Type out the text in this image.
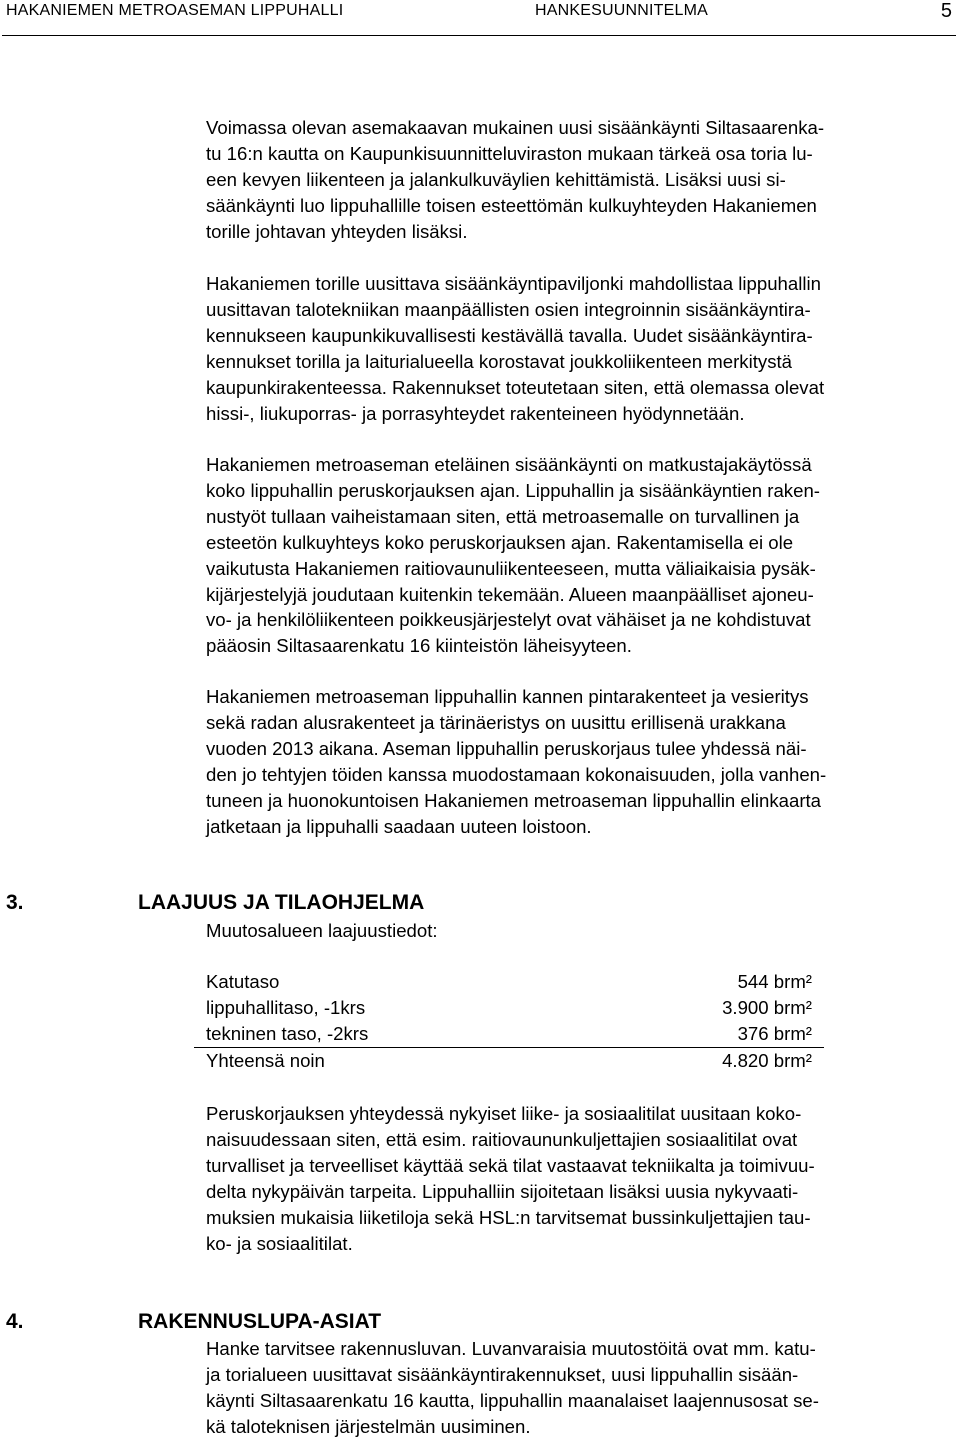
HAKANIEMEN METROASEMAN LIPPUHALLI	HANKESUUNNITELMA	5

Voimassa olevan asemakaavan mukainen uusi sisäänkäynti Siltasaarenka-
tu 16:n kautta on Kaupunkisuunnitteluviraston mukaan tärkeä osa toria lu-
een kevyen liikenteen ja jalankulkuväylien kehittämistä. Lisäksi uusi si-
säänkäynti luo lippuhallille toisen esteettömän kulkuyhteyden Hakaniemen
torille johtavan yhteyden lisäksi.

Hakaniemen torille uusittava sisäänkäyntipaviljonki mahdollistaa lippuhallin
uusittavan talotekniikan maanpäällisten osien integroinnin sisäänkäyntira-
kennukseen kaupunkikuvallisesti kestävällä tavalla. Uudet sisäänkäyntira-
kennukset torilla ja laiturialueella korostavat joukkoliikenteen merkitystä
kaupunkirakenteessa. Rakennukset toteutetaan siten, että olemassa olevat
hissi-, liukuporras- ja porrasyhteydet rakenteineen hyödynnetään.

Hakaniemen metroaseman eteläinen sisäänkäynti on matkustajakäytössä
koko lippuhallin peruskorjauksen ajan. Lippuhallin ja sisäänkäyntien raken-
nustyöt tullaan vaiheistamaan siten, että metroasemalle on turvallinen ja
esteetön kulkuyhteys koko peruskorjauksen ajan. Rakentamisella ei ole
vaikutusta Hakaniemen raitiovaunuliikenteeseen, mutta väliaikaisia pysäk-
kijärjestelyjä joudutaan kuitenkin tekemään. Alueen maanpäälliset ajoneu-
vo- ja henkilöliikenteen poikkeusjärjestelyt ovat vähäiset ja ne kohdistuvat
pääosin Siltasaarenkatu 16 kiinteistön läheisyyteen.

Hakaniemen metroaseman lippuhallin kannen pintarakenteet ja vesieritys
sekä radan alusrakenteet ja tärinäeristys on uusittu erillisenä urakkana
vuoden 2013 aikana. Aseman lippuhallin peruskorjaus tulee yhdessä näi-
den jo tehtyjen töiden kanssa muodostamaan kokonaisuuden, jolla vanhen-
tuneen ja huonokuntoisen Hakaniemen metroaseman lippuhallin elinkaarta
jatketaan ja lippuhalli saadaan uuteen loistoon.

3.	LAAJUUS JA TILAOHJELMA
Muutosalueen laajuustiedot:
Katutaso	544 brm²
lippuhallitaso, -1krs	3.900 brm²
tekninen taso, -2krs	376 brm²
Yhteensä noin	4.820 brm²

Peruskorjauksen yhteydessä nykyiset liike- ja sosiaalitilat uusitaan koko-
naisuudessaan siten, että esim. raitiovaununkuljettajien sosiaalitilat ovat
turvalliset ja terveelliset käyttää sekä tilat vastaavat tekniikalta ja toimivuu-
delta nykypäivän tarpeita. Lippuhalliin sijoitetaan lisäksi uusia nykyvaati-
muksien mukaisia liiketiloja sekä HSL:n tarvitsemat bussinkuljettajien tau-
ko- ja sosiaalitilat.

4.	RAKENNUSLUPA-ASIAT

Hanke tarvitsee rakennusluvan. Luvanvaraisia muutostöitä ovat mm. katu-
ja torialueen uusittavat sisäänkäyntirakennukset, uusi lippuhallin sisään-
käynti Siltasaarenkatu 16 kautta, lippuhallin maanalaiset laajennusosat se-
kä taloteknisen järjestelmän uusiminen.
